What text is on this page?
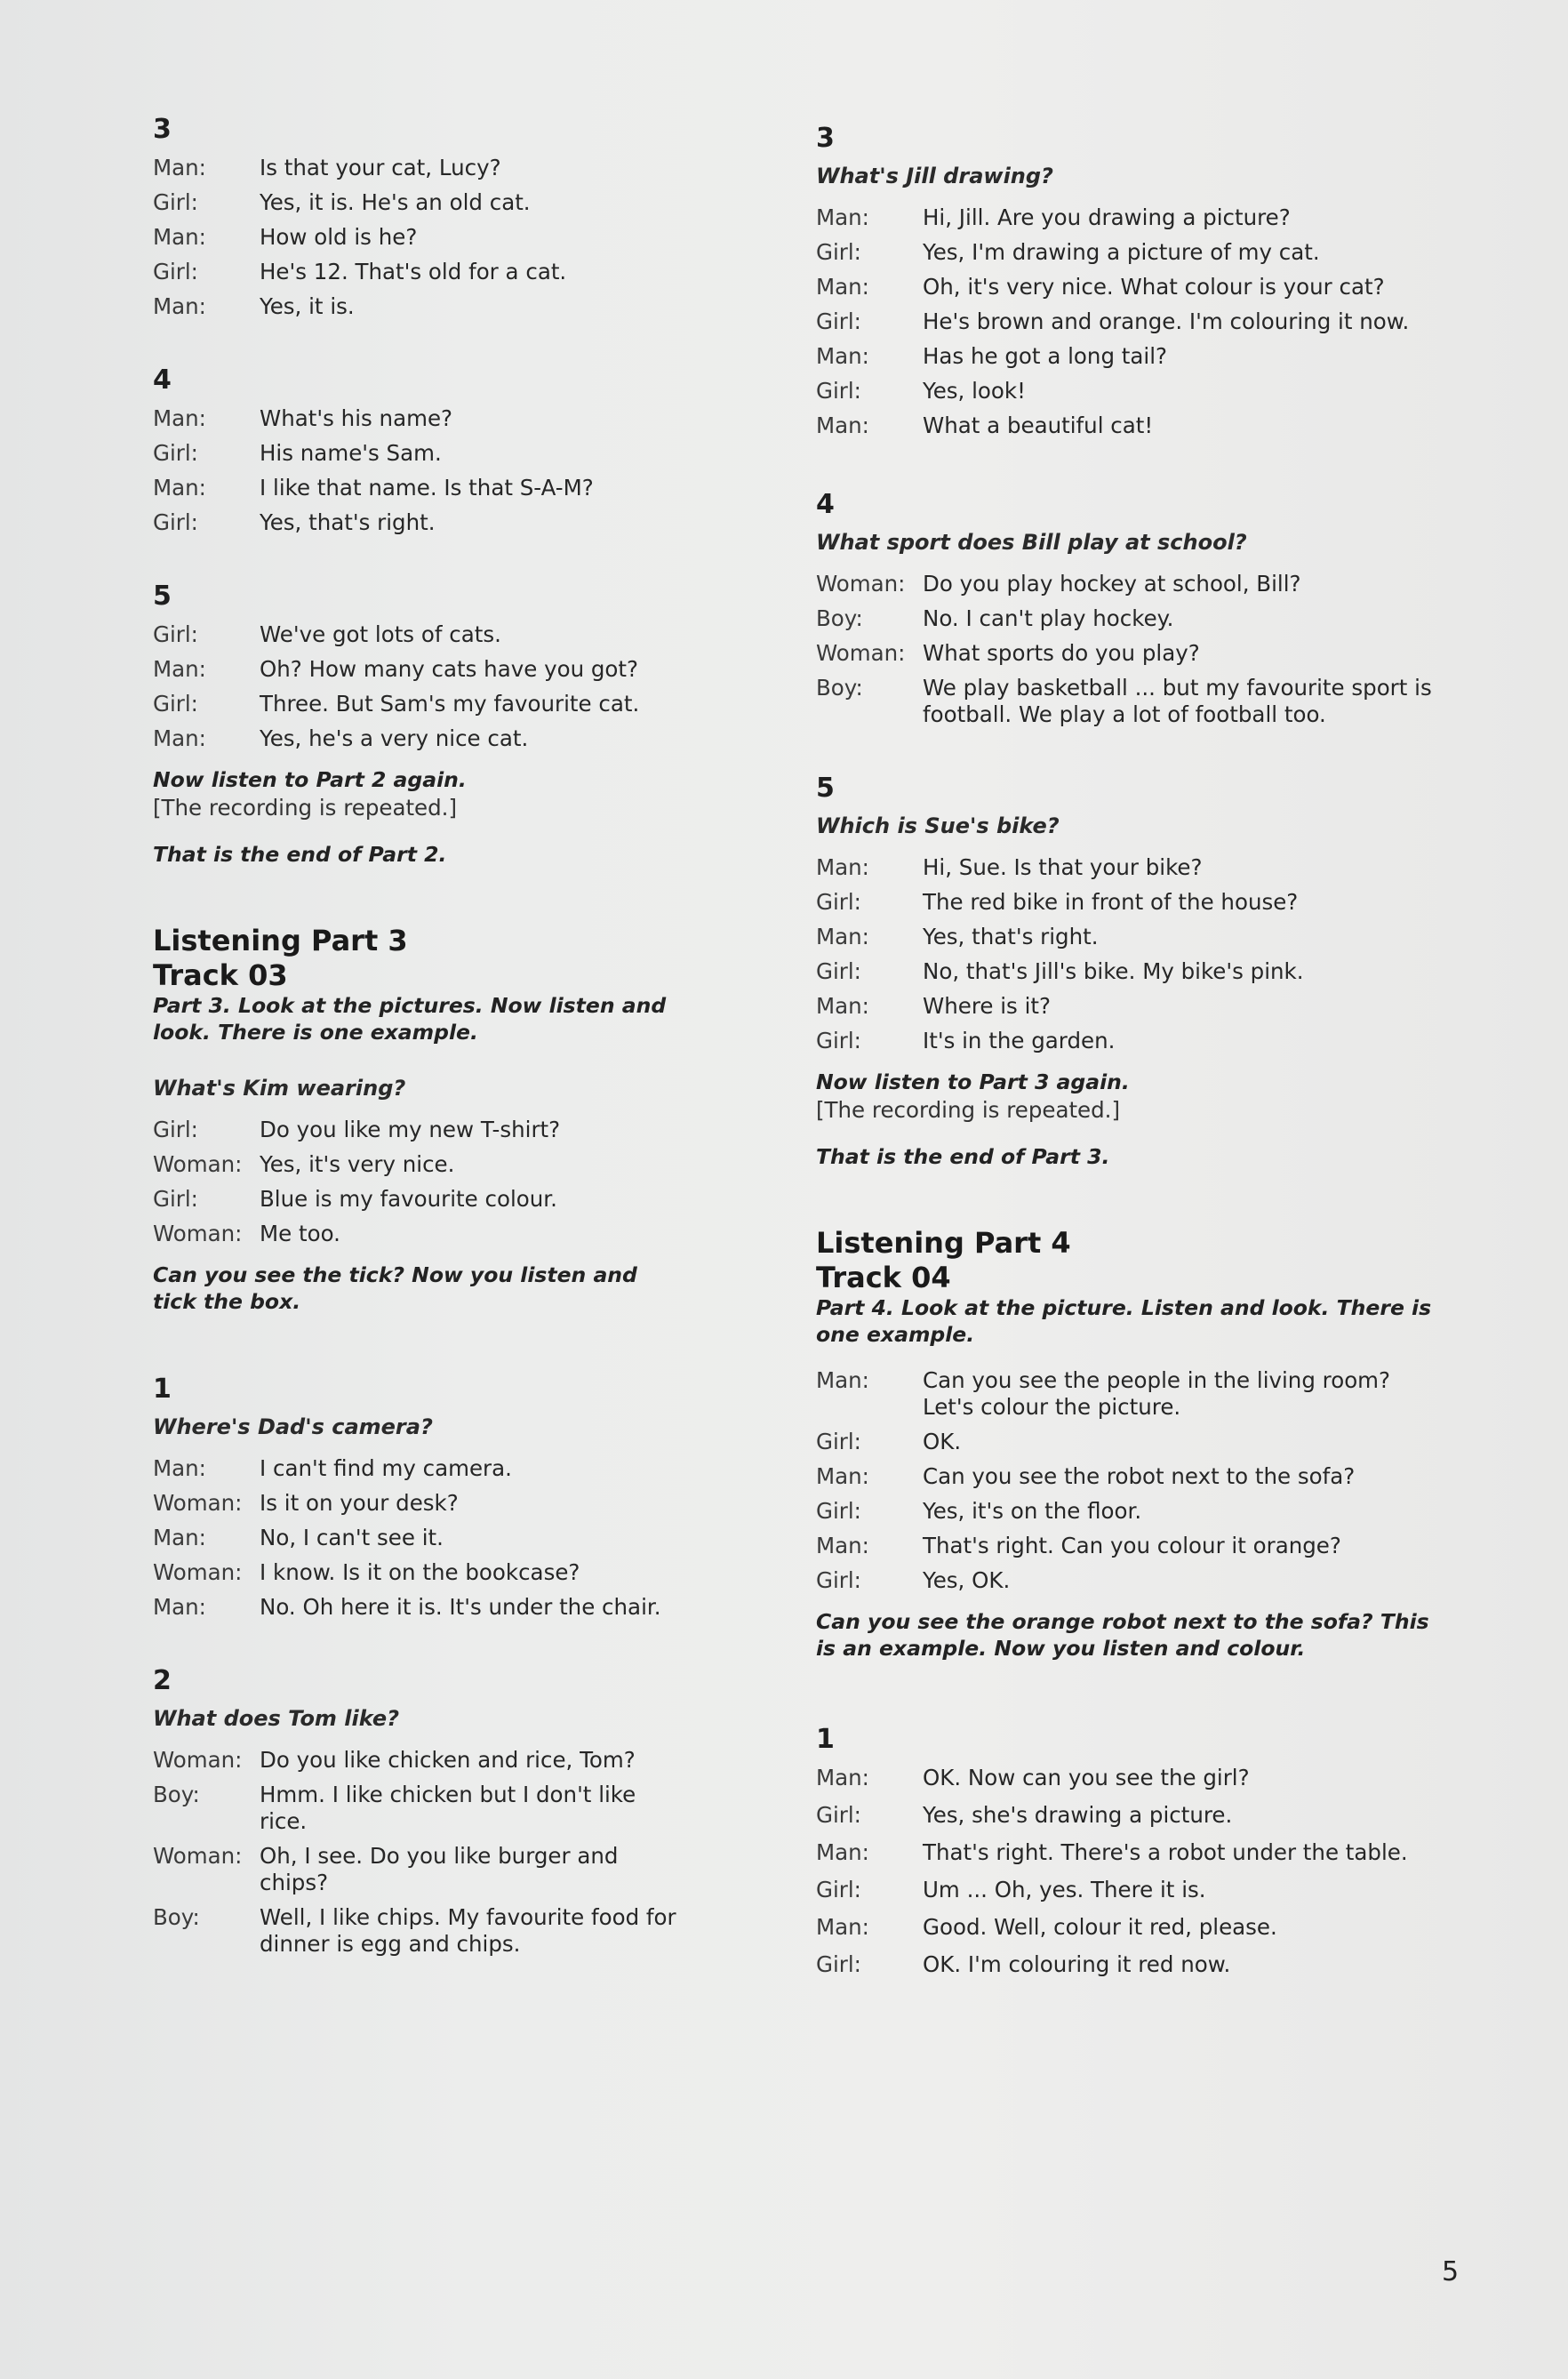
3
Man:	Is that your cat, Lucy?
Girl:	Yes, it is. He's an old cat.
Man:	How old is he?
Girl:	He's 12. That's old for a cat.
Man:	Yes, it is.
4
Man:	What's his name?
Girl:	His name's Sam.
Man:	I like that name. Is that S-A-M?
Girl:	Yes, that's right.
5
Girl:	We've got lots of cats.
Man:	Oh? How many cats have you got?
Girl:	Three. But Sam's my favourite cat.
Man:	Yes, he's a very nice cat.
Now listen to Part 2 again.
[The recording is repeated.]
That is the end of Part 2.
Listening Part 3
Track 03
Part 3. Look at the pictures. Now listen and look. There is one example.
What's Kim wearing?
Girl:	Do you like my new T-shirt?
Woman: Yes, it's very nice.
Girl:	Blue is my favourite colour.
Woman: Me too.
Can you see the tick? Now you listen and tick the box.
1
Where's Dad's camera?
Man:	I can't find my camera.
Woman: Is it on your desk?
Man:	No, I can't see it.
Woman: I know. Is it on the bookcase?
Man:	No. Oh here it is. It's under the chair.
2
What does Tom like?
Woman: Do you like chicken and rice, Tom?
Boy:	Hmm. I like chicken but I don't like rice.
Woman: Oh, I see. Do you like burger and chips?
Boy:	Well, I like chips. My favourite food for dinner is egg and chips.
3
What's Jill drawing?
Man:	Hi, Jill. Are you drawing a picture?
Girl:	Yes, I'm drawing a picture of my cat.
Man:	Oh, it's very nice. What colour is your cat?
Girl:	He's brown and orange. I'm colouring it now.
Man:	Has he got a long tail?
Girl:	Yes, look!
Man:	What a beautiful cat!
4
What sport does Bill play at school?
Woman: Do you play hockey at school, Bill?
Boy:	No. I can't play hockey.
Woman: What sports do you play?
Boy:	We play basketball ... but my favourite sport is football. We play a lot of football too.
5
Which is Sue's bike?
Man:	Hi, Sue. Is that your bike?
Girl:	The red bike in front of the house?
Man:	Yes, that's right.
Girl:	No, that's Jill's bike. My bike's pink.
Man:	Where is it?
Girl:	It's in the garden.
Now listen to Part 3 again.
[The recording is repeated.]
That is the end of Part 3.
Listening Part 4
Track 04
Part 4. Look at the picture. Listen and look. There is one example.
Man:	Can you see the people in the living room? Let's colour the picture.
Girl:	OK.
Man:	Can you see the robot next to the sofa?
Girl:	Yes, it's on the floor.
Man:	That's right. Can you colour it orange?
Girl:	Yes, OK.
Can you see the orange robot next to the sofa? This is an example. Now you listen and colour.
1
Man:	OK. Now can you see the girl?
Girl:	Yes, she's drawing a picture.
Man:	That's right. There's a robot under the table.
Girl:	Um ... Oh, yes. There it is.
Man:	Good. Well, colour it red, please.
Girl:	OK. I'm colouring it red now.
5
